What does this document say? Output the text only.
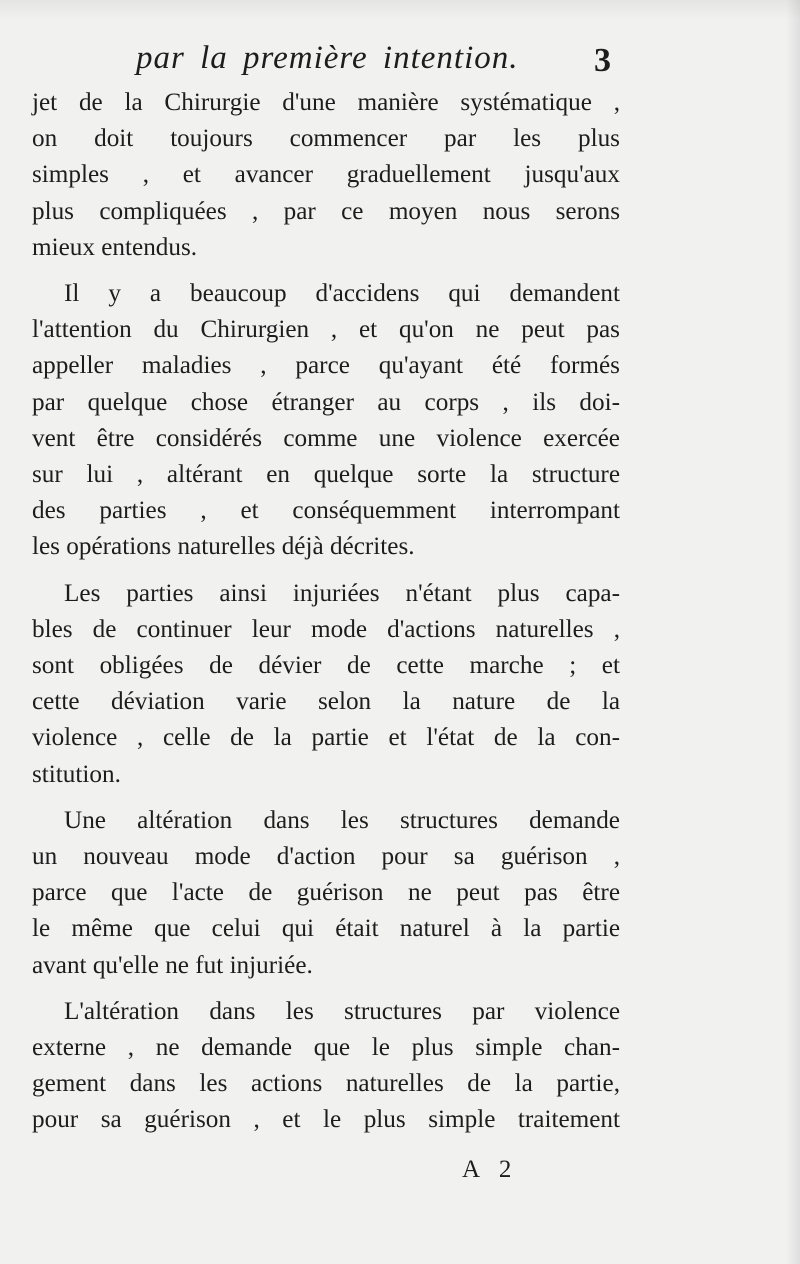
par la première intention. 3

jet de la Chirurgie d'une manière systématique ,
on doit toujours commencer par les plus
simples , et avancer graduellement jusqu'aux
plus compliquées , par ce moyen nous serons
mieux entendus.

Il y a beaucoup d'accidens qui demandent
l'attention du Chirurgien , et qu'on ne peut pas
appeller maladies , parce qu'ayant été formés
par quelque chose étranger au corps , ils doi-
vent être considérés comme une violence exercée
sur lui , altérant en quelque sorte la structure
des parties , et conséquemment interrompant
les opérations naturelles déjà décrites.

Les parties ainsi injuriées n'étant plus capa-
bles de continuer leur mode d'actions naturelles ,
sont obligées de dévier de cette marche ; et
cette déviation varie selon la nature de la
violence , celle de la partie et l'état de la con-
stitution.

Une altération dans les structures demande
un nouveau mode d'action pour sa guérison ,
parce que l'acte de guérison ne peut pas être
le même que celui qui était naturel à la partie
avant qu'elle ne fut injuriée.

L'altération dans les structures par violence
externe , ne demande que le plus simple chan-
gement dans les actions naturelles de la partie,
pour sa guérison , et le plus simple traitement

A 2
